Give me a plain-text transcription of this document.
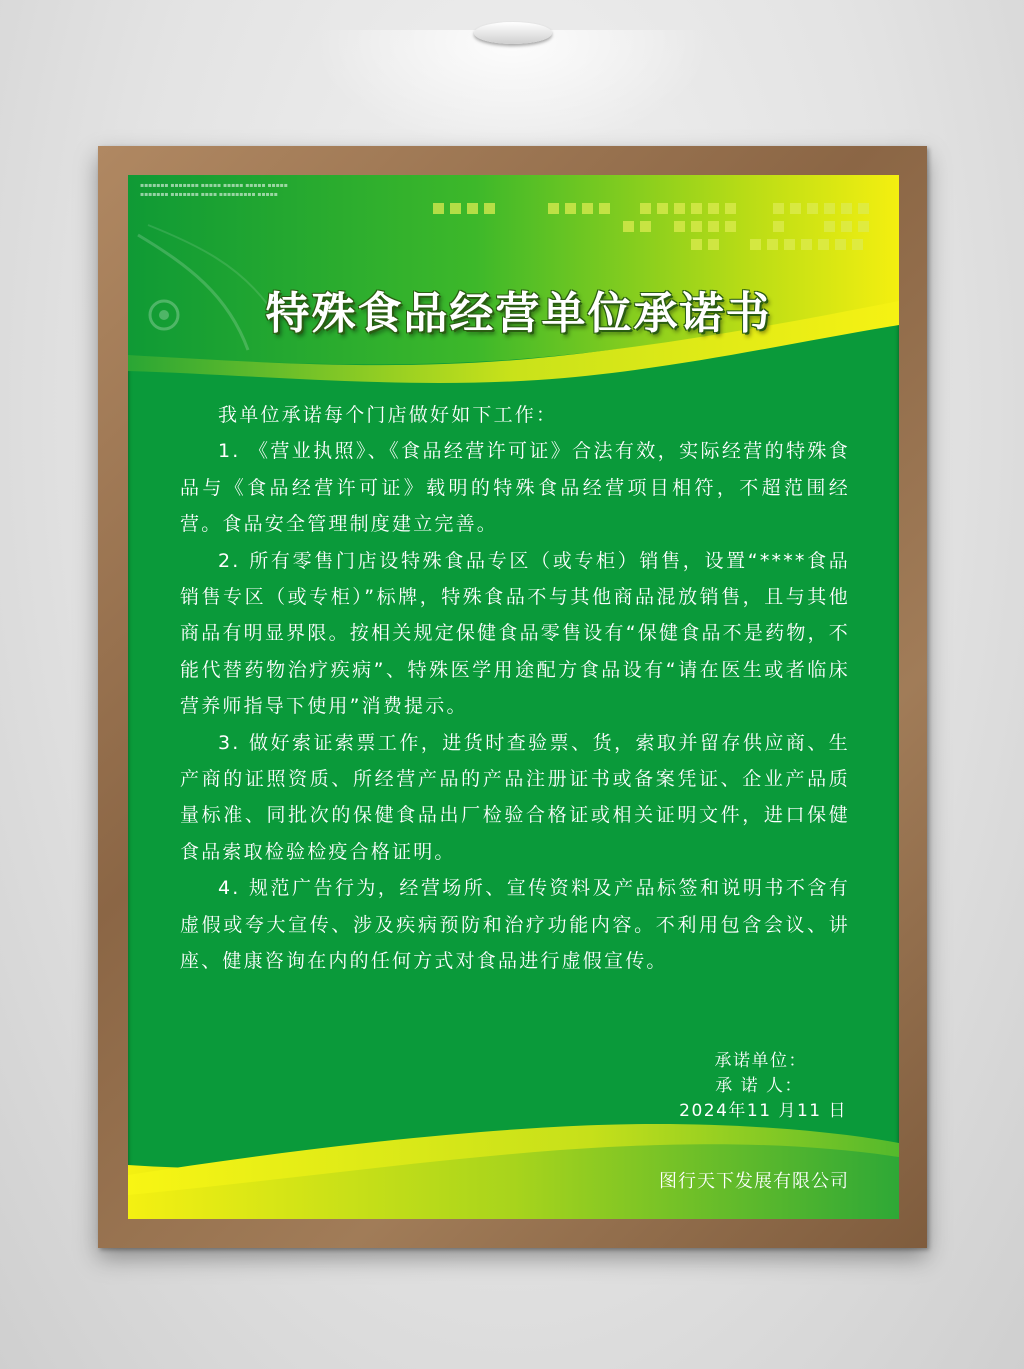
▪▪▪▪▪▪▪ ▪▪▪▪▪▪▪ ▪▪▪▪▪ ▪▪▪▪▪ ▪▪▪▪▪ ▪▪▪▪▪
▪▪▪▪▪▪▪ ▪▪▪▪▪▪▪ ▪▪▪▪ ▪▪▪▪▪▪▪▪▪ ▪▪▪▪▪
特殊食品经营单位承诺书

我单位承诺每个门店做好如下工作：

1. 《营业执照》、《食品经营许可证》合法有效，实际经营的特殊食品与《食品经营许可证》载明的特殊食品经营项目相符，不超范围经营。食品安全管理制度建立完善。

2. 所有零售门店设特殊食品专区（或专柜）销售，设置“****食品销售专区（或专柜）”标牌，特殊食品不与其他商品混放销售，且与其他商品有明显界限。按相关规定保健食品零售设有“保健食品不是药物，不能代替药物治疗疾病”、特殊医学用途配方食品设有“请在医生或者临床营养师指导下使用”消费提示。

3. 做好索证索票工作，进货时查验票、货，索取并留存供应商、生产商的证照资质、所经营产品的产品注册证书或备案凭证、企业产品质量标准、同批次的保健食品出厂检验合格证或相关证明文件，进口保健食品索取检验检疫合格证明。

4. 规范广告行为，经营场所、宣传资料及产品标签和说明书不含有虚假或夸大宣传、涉及疾病预防和治疗功能内容。不利用包含会议、讲座、健康咨询在内的任何方式对食品进行虚假宣传。

承诺单位：
承 诺 人：
2024年11 月11 日
图行天下发展有限公司
